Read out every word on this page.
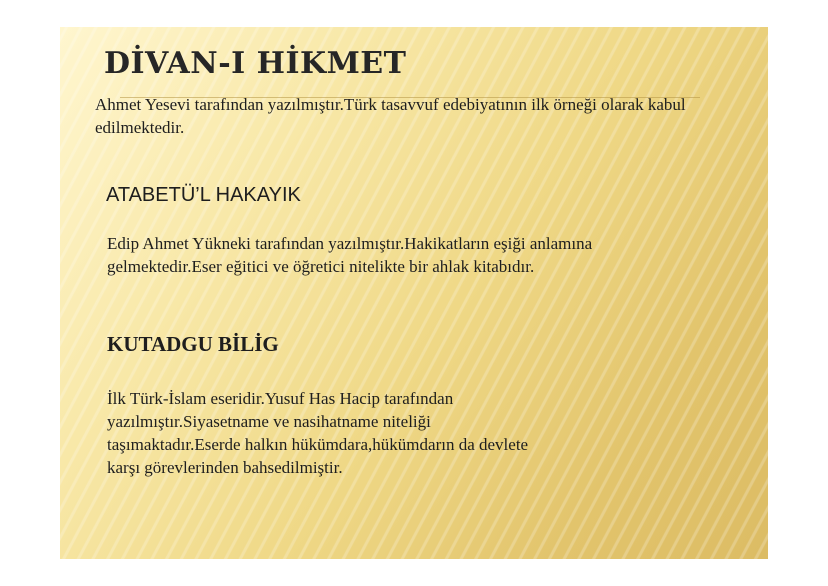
DİVAN-I HİKMET

Ahmet Yesevi tarafından yazılmıştır.Türk tasavvuf edebiyatının ilk örneği olarak kabul edilmektedir.

ATABETÜ’L HAKAYIK

Edip Ahmet Yükneki tarafından yazılmıştır.Hakikatların eşiği anlamına gelmektedir.Eser eğitici ve öğretici nitelikte bir ahlak kitabıdır.

KUTADGU BİLİG

İlk Türk-İslam eseridir.Yusuf Has Hacip tarafından yazılmıştır.Siyasetname ve nasihatname niteliği taşımaktadır.Eserde halkın hükümdara,hükümdarın da devlete karşı görevlerinden bahsedilmiştir.
